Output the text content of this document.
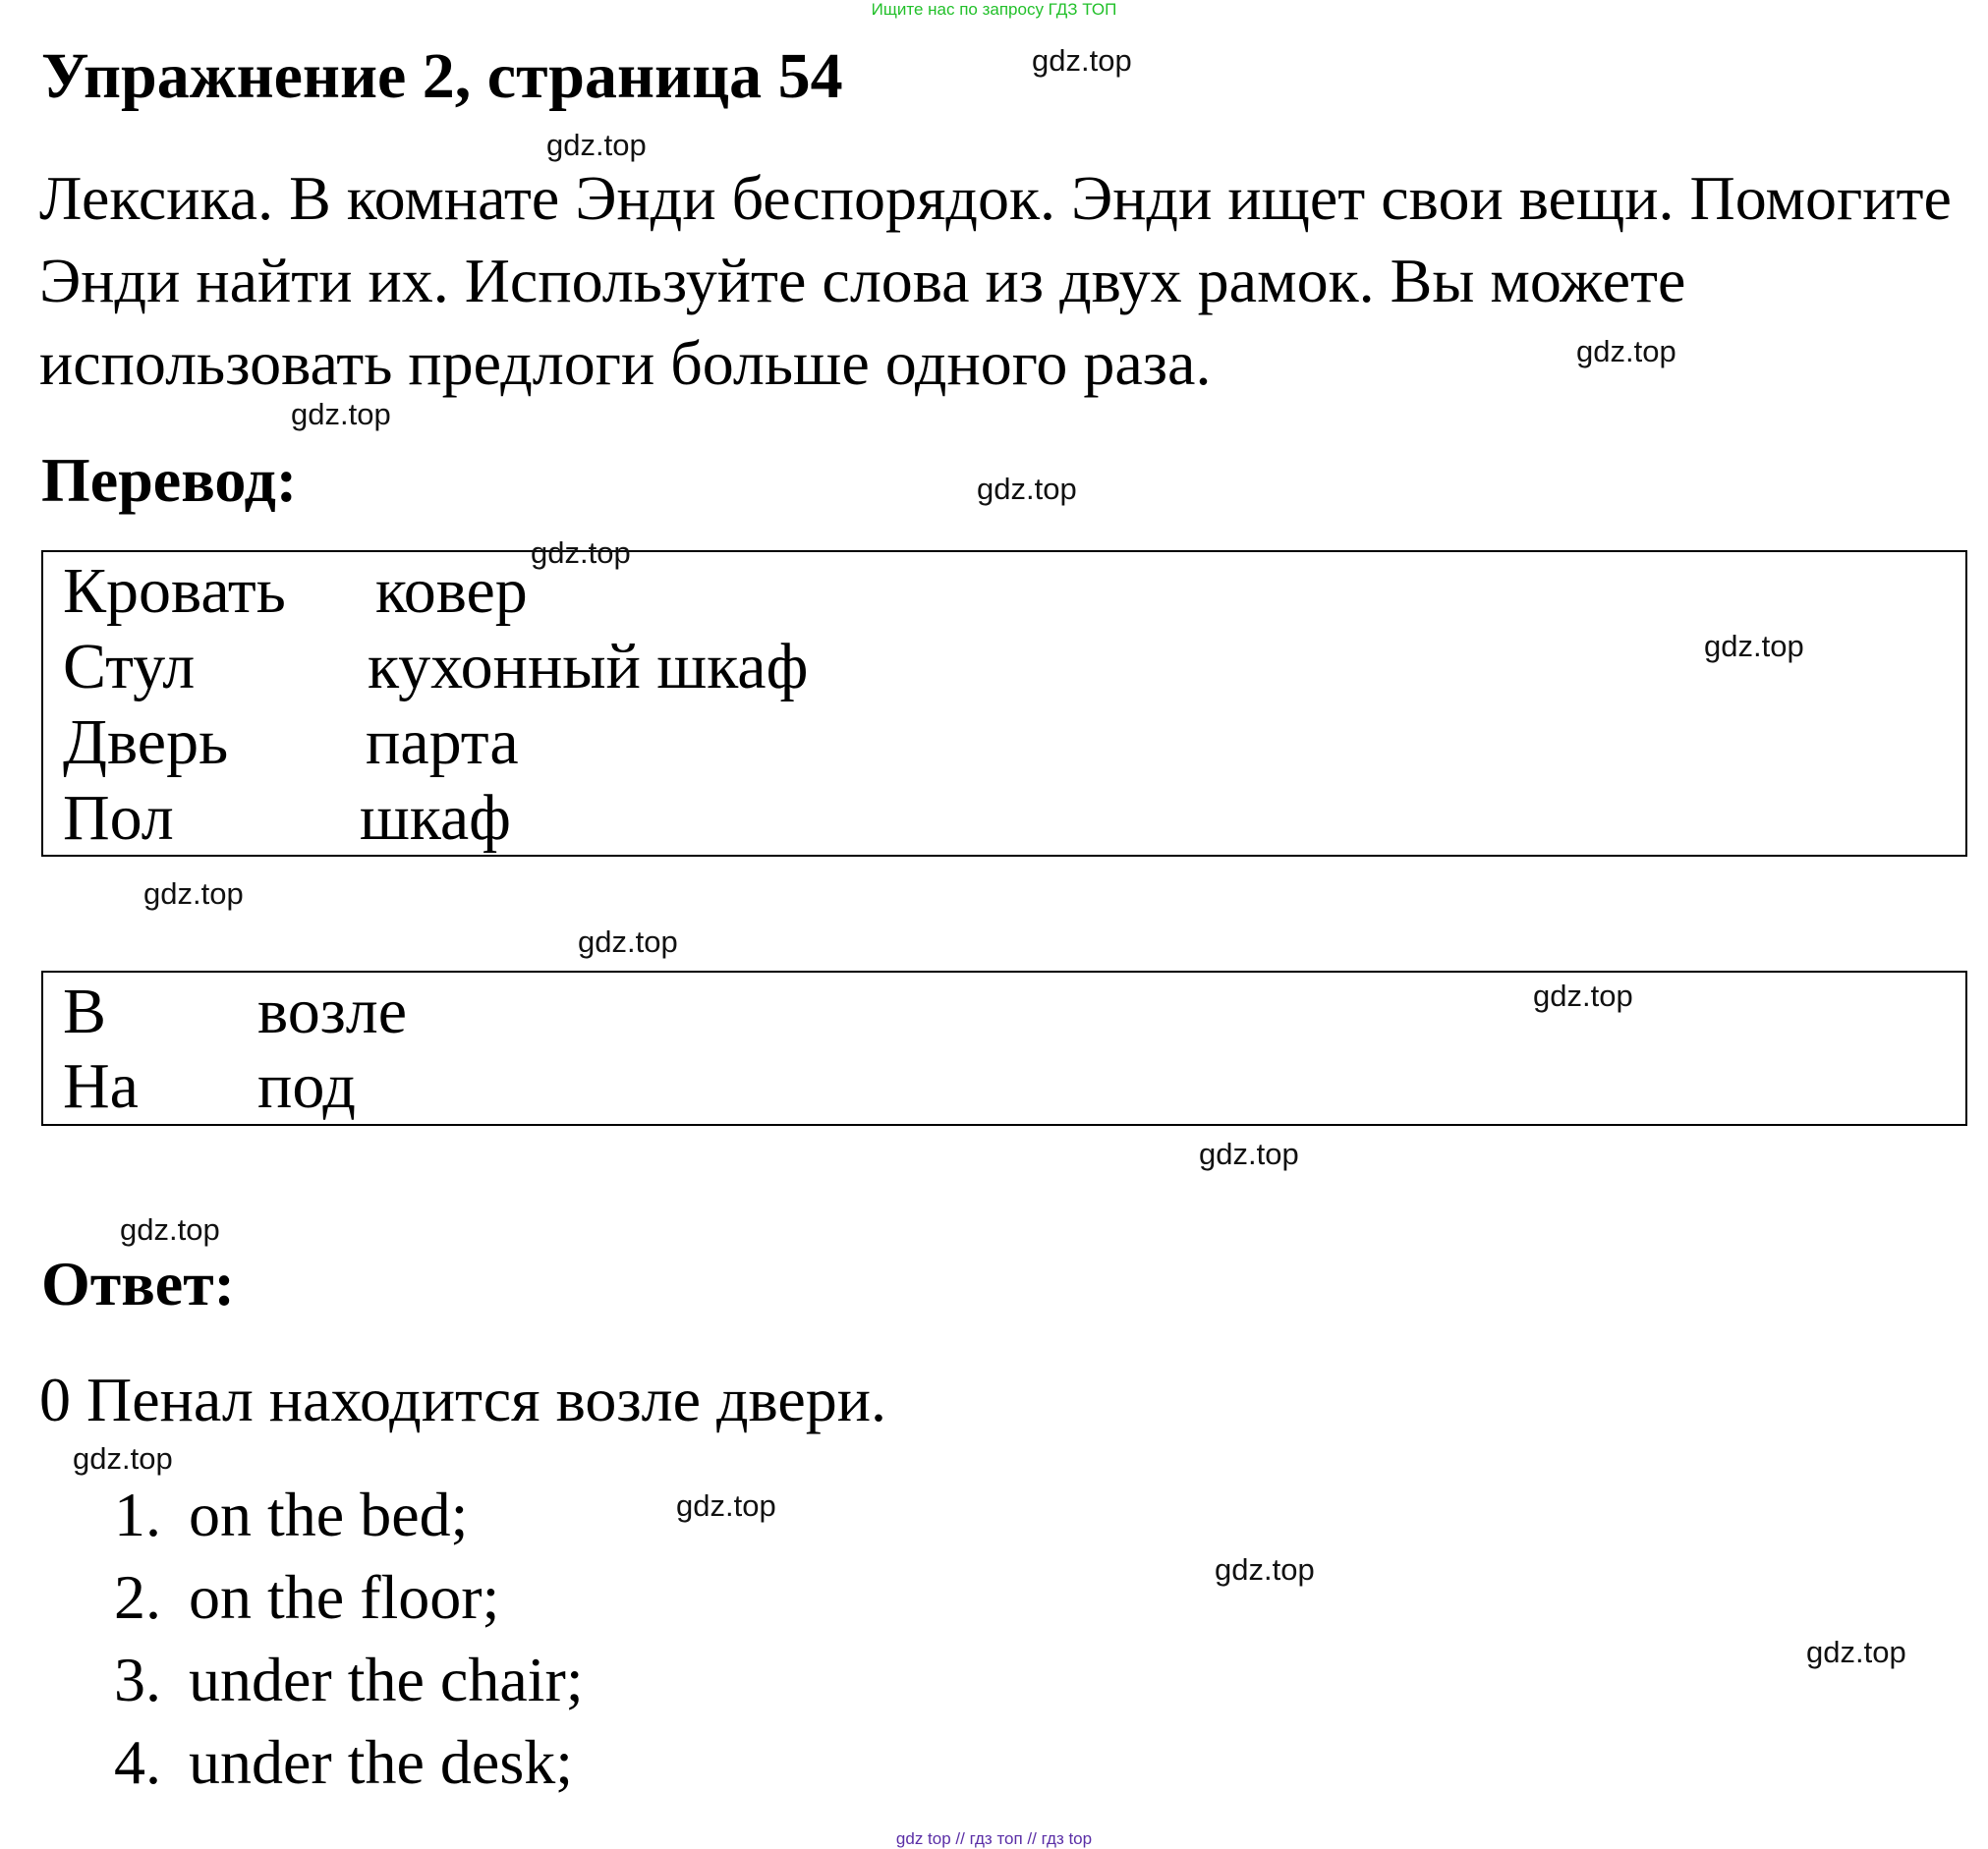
Ищите нас по запросу ГДЗ ТОП
Упражнение 2, страница 54
Лексика. В комнате Энди беспорядок. Энди ищет свои вещи. Помогите Энди найти их. Используйте слова из двух рамок. Вы можете использовать предлоги больше одного раза.
Перевод:
Кровать ковер
Стул	кухонный шкаф
Дверь парта
Пол	шкаф
В возле
На под
Ответ:
0 Пенал находится возле двери.
1. on the bed;
2. on the floor;
3. under the chair;
4. under the desk;
gdz.top
gdz.top
gdz.top
gdz.top
gdz.top
gdz.top
gdz.top
gdz.top
gdz.top
gdz.top
gdz.top
gdz.top
gdz.top
gdz.top
gdz.top
gdz.top
gdz top // гдз топ // гдз top
